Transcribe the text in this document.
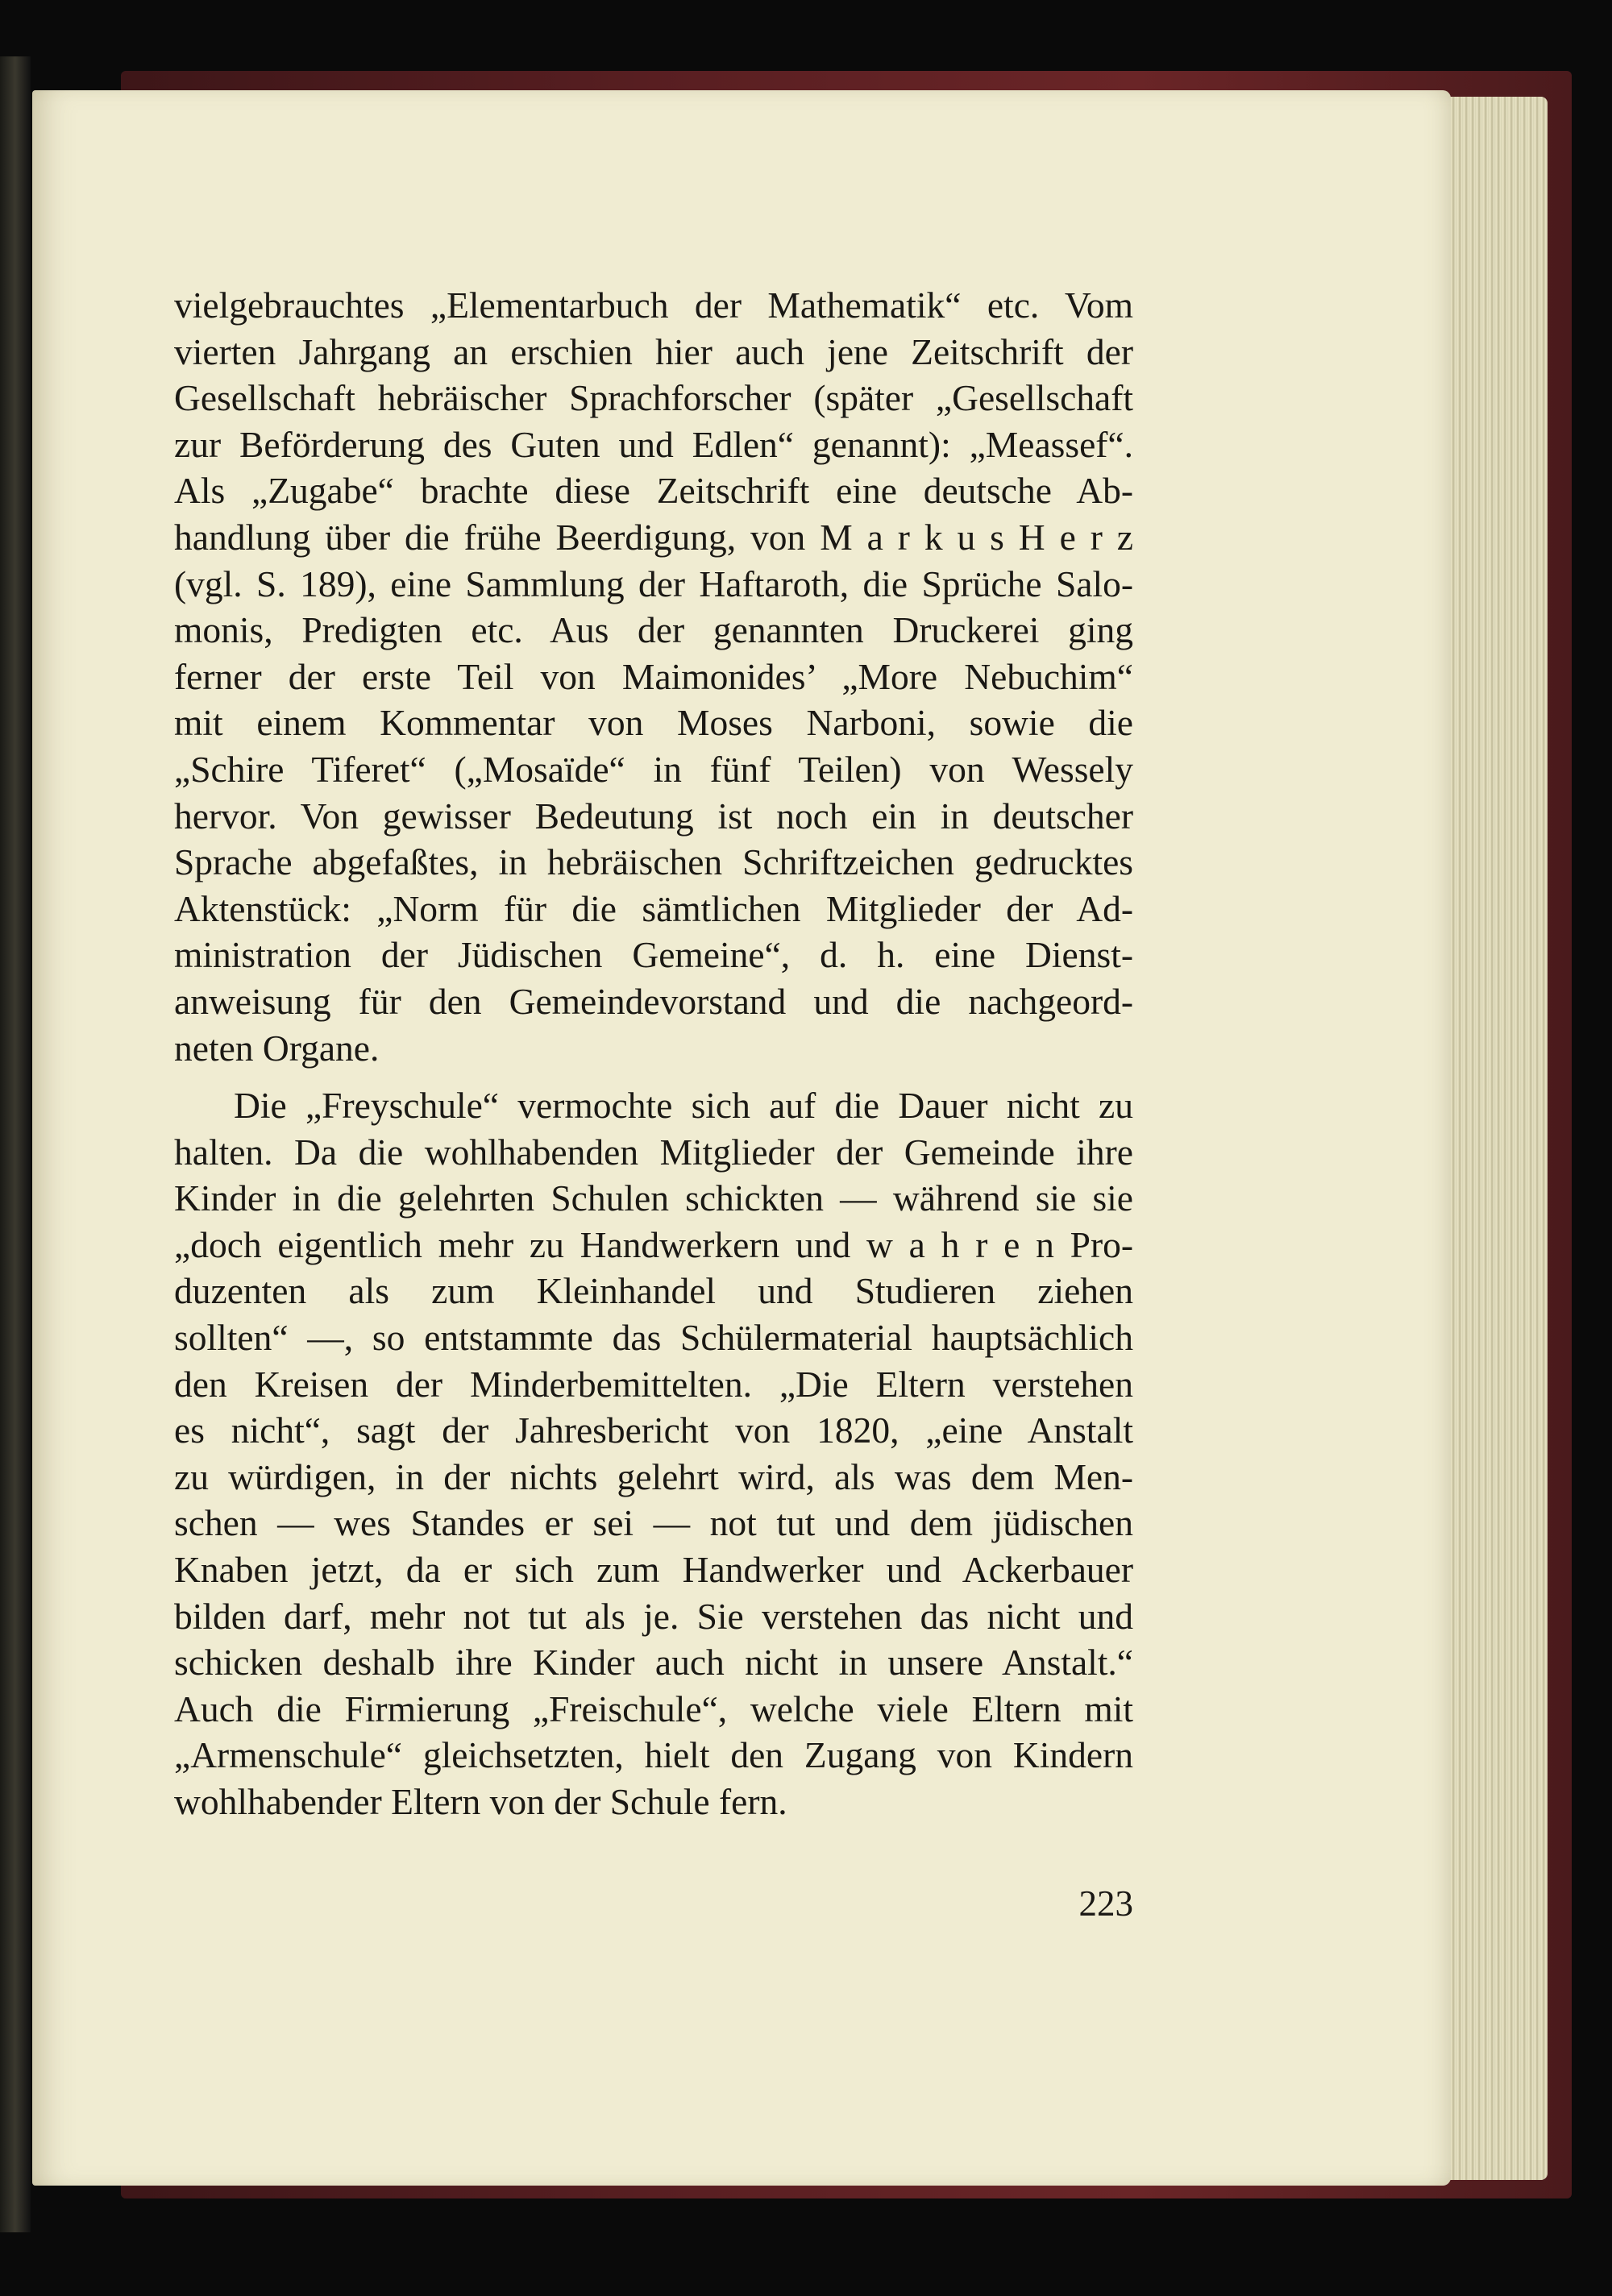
vielgebrauchtes „Elementarbuch der Mathematik“ etc. Vom
vierten Jahrgang an erschien hier auch jene Zeitschrift der
Gesellschaft hebräischer Sprachforscher (später „Gesellschaft
zur Beförderung des Guten und Edlen“ genannt): „Meassef“.
Als „Zugabe“ brachte diese Zeitschrift eine deutsche Ab-
handlung über die frühe Beerdigung, von M a r k u s H e r z
(vgl. S. 189), eine Sammlung der Haftaroth, die Sprüche Salo-
monis, Predigten etc. Aus der genannten Druckerei ging
ferner der erste Teil von Maimonides’ „More Nebuchim“
mit einem Kommentar von Moses Narboni, sowie die
„Schire Tiferet“ („Mosaïde“ in fünf Teilen) von Wessely
hervor. Von gewisser Bedeutung ist noch ein in deutscher
Sprache abgefaßtes, in hebräischen Schriftzeichen gedrucktes
Aktenstück: „Norm für die sämtlichen Mitglieder der Ad-
ministration der Jüdischen Gemeine“, d. h. eine Dienst-
anweisung für den Gemeindevorstand und die nachgeord-
neten Organe.
Die „Freyschule“ vermochte sich auf die Dauer nicht zu
halten. Da die wohlhabenden Mitglieder der Gemeinde ihre
Kinder in die gelehrten Schulen schickten — während sie sie
„doch eigentlich mehr zu Handwerkern und w a h r e n Pro-
duzenten als zum Kleinhandel und Studieren ziehen
sollten“ —, so entstammte das Schülermaterial hauptsächlich
den Kreisen der Minderbemittelten. „Die Eltern verstehen
es nicht“, sagt der Jahresbericht von 1820, „eine Anstalt
zu würdigen, in der nichts gelehrt wird, als was dem Men-
schen — wes Standes er sei — not tut und dem jüdischen
Knaben jetzt, da er sich zum Handwerker und Ackerbauer
bilden darf, mehr not tut als je. Sie verstehen das nicht und
schicken deshalb ihre Kinder auch nicht in unsere Anstalt.“
Auch die Firmierung „Freischule“, welche viele Eltern mit
„Armenschule“ gleichsetzten, hielt den Zugang von Kindern
wohlhabender Eltern von der Schule fern.
223
